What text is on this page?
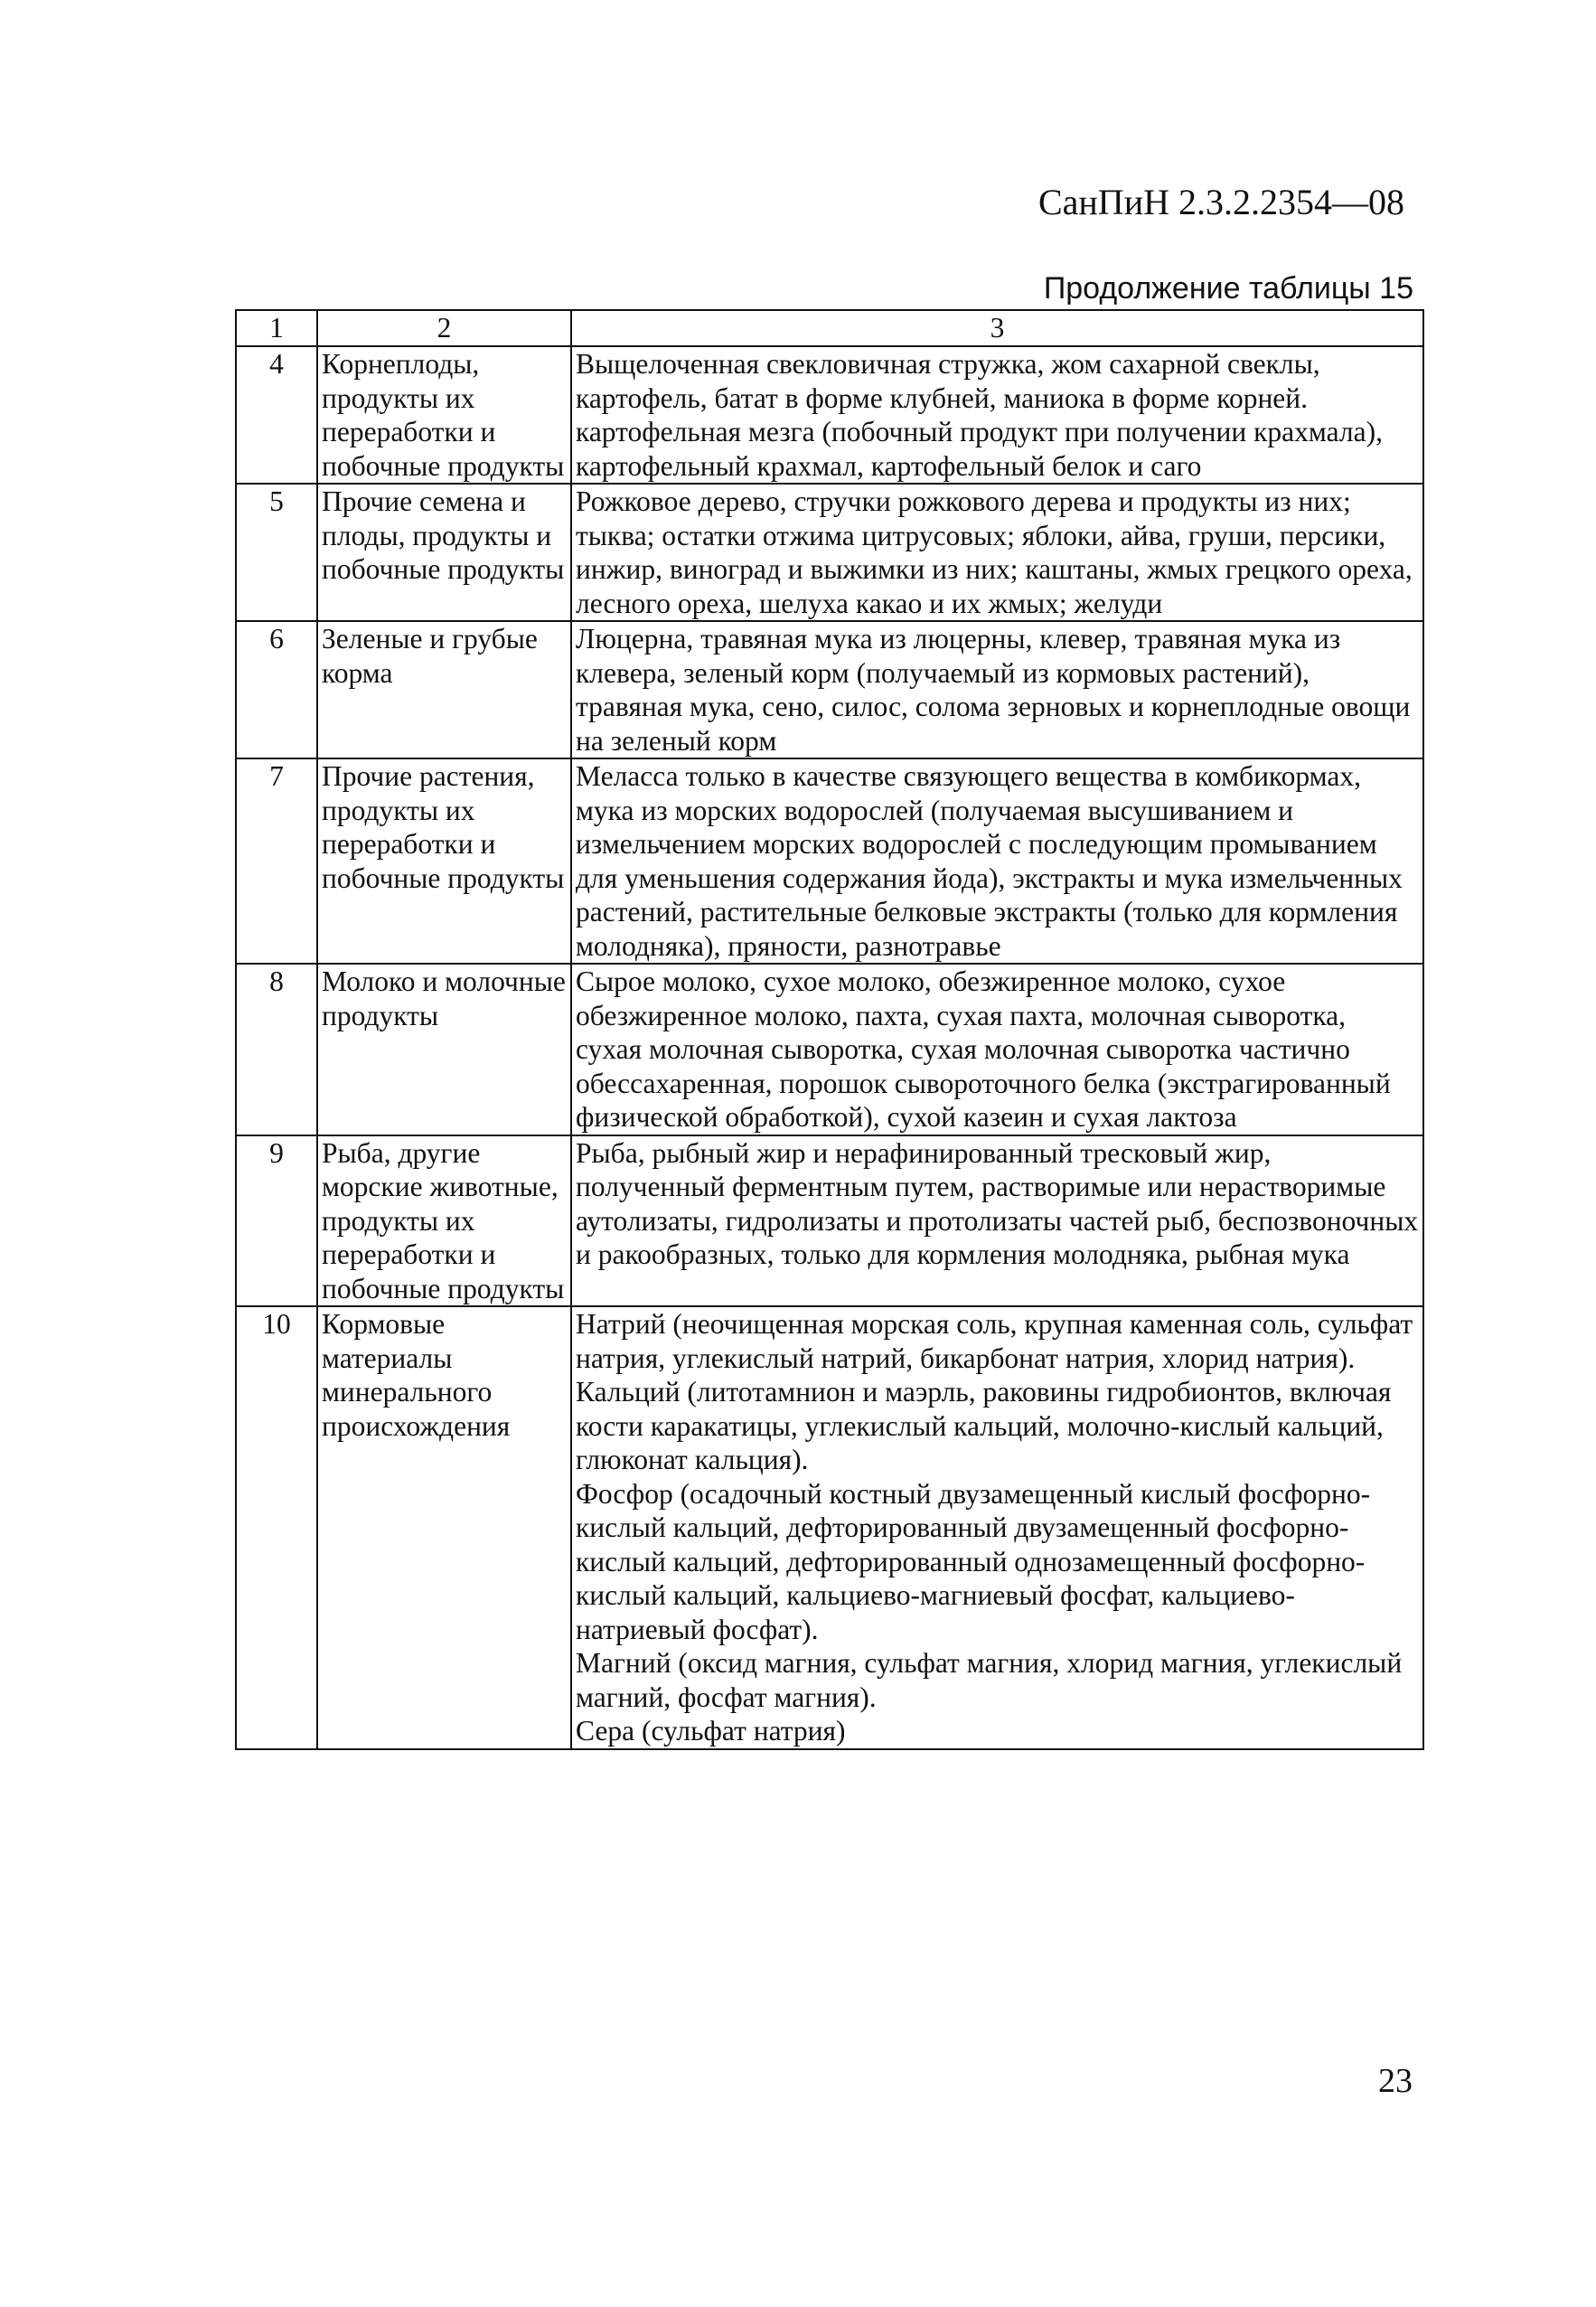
СанПиН 2.3.2.2354—08
Продолжение таблицы 15
1	2	3
4	Корнеплоды, продукты их переработки и побочные продукты	Выщелоченная свекловичная стружка, жом сахарной свеклы, картофель, батат в форме клубней, маниока в форме корней. картофельная мезга (побочный продукт при получении крахмала), картофельный крахмал, картофельный белок и саго
5	Прочие семена и плоды, продукты и побочные продукты	Рожковое дерево, стручки рожкового дерева и продукты из них; тыква; остатки отжима цитрусовых; яблоки, айва, груши, персики, инжир, виноград и выжимки из них; каштаны, жмых грецкого ореха, лесного ореха, шелуха какао и их жмых; желуди
6	Зеленые и грубые корма	Люцерна, травяная мука из люцерны, клевер, травяная мука из клевера, зеленый корм (получаемый из кормовых растений), травяная мука, сено, силос, солома зерновых и корнеплодные овощи на зеленый корм
7	Прочие растения, продукты их переработки и побочные продукты	Меласса только в качестве связующего вещества в комбикормах, мука из морских водорослей (получаемая высушиванием и измельчением морских водорослей с последующим промыванием для уменьшения содержания йода), экстракты и мука измельченных растений, растительные белковые экстракты (только для кормления молодняка), пряности, разнотравье
8	Молоко и молочные продукты	Сырое молоко, сухое молоко, обезжиренное молоко, сухое обезжиренное молоко, пахта, сухая пахта, молочная сыворотка, сухая молочная сыворотка, сухая молочная сыворотка частично обессахаренная, порошок сывороточного белка (экстрагированный физической обработкой), сухой казеин и сухая лактоза
9	Рыба, другие морские животные, продукты их переработки и побочные продукты	Рыба, рыбный жир и нерафинированный тресковый жир, полученный ферментным путем, растворимые или нерастворимые аутолизаты, гидролизаты и протолизаты частей рыб, беспозвоночных и ракообразных, только для кормления молодняка, рыбная мука
10	Кормовые материалы минерального происхождения	Натрий (неочищенная морская соль, крупная каменная соль, сульфат натрия, углекислый натрий, бикарбонат натрия, хлорид натрия).
Кальций (литотамнион и маэрль, раковины гидробионтов, включая кости каракатицы, углекислый кальций, молочно-кислый кальций, глюконат кальция).
Фосфор (осадочный костный двузамещенный кислый фосфорно-кислый кальций, дефторированный двузамещенный фосфорно-кислый кальций, дефторированный однозамещенный фосфорно-кислый кальций, кальциево-магниевый фосфат, кальциево-натриевый фосфат).
Магний (оксид магния, сульфат магния, хлорид магния, углекислый магний, фосфат магния).
Сера (сульфат натрия)
23
